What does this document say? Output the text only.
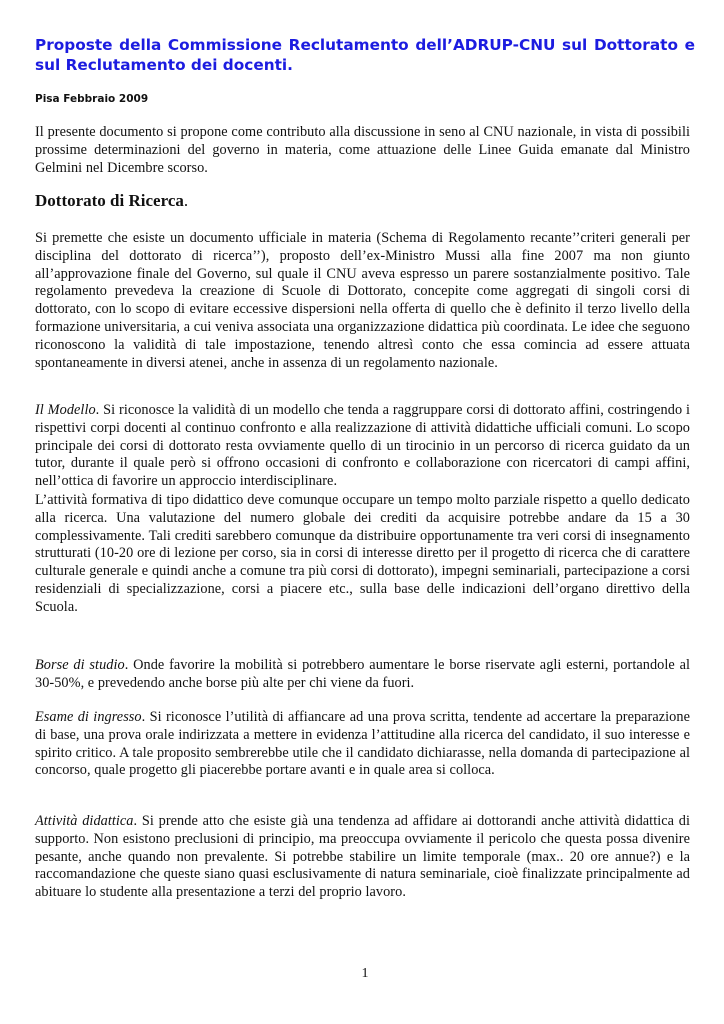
Proposte della Commissione Reclutamento dell’ADRUP-CNU sul Dottorato e sul Reclutamento dei docenti.

Pisa Febbraio 2009

Il presente documento si propone come contributo alla discussione in seno al CNU nazionale, in vista di possibili prossime determinazioni del governo in materia, come attuazione delle Linee Guida emanate dal Ministro Gelmini nel Dicembre scorso.

Dottorato di Ricerca.

Si premette che esiste un documento ufficiale in materia (Schema di Regolamento recante’’criteri generali per disciplina del dottorato di ricerca’’), proposto dell’ex-Ministro Mussi alla fine 2007 ma non giunto all’approvazione finale del Governo, sul quale il CNU aveva espresso un parere sostanzialmente positivo. Tale regolamento prevedeva la creazione di Scuole di Dottorato, concepite come aggregati di singoli corsi di dottorato, con lo scopo di evitare eccessive dispersioni nella offerta di quello che è definito il terzo livello della formazione universitaria, a cui veniva associata una organizzazione didattica più coordinata. Le idee che seguono riconoscono la validità di tale impostazione, tenendo altresì conto che essa comincia ad essere attuata spontaneamente in diversi atenei, anche in assenza di un regolamento nazionale.

Il Modello. Si riconosce la validità di un modello che tenda a raggruppare corsi di dottorato affini, costringendo i rispettivi corpi docenti al continuo confronto e alla realizzazione di attività didattiche ufficiali comuni. Lo scopo principale dei corsi di dottorato resta ovviamente quello di un tirocinio in un percorso di ricerca guidato da un tutor, durante il quale però si offrono occasioni di confronto e collaborazione con ricercatori di campi affini, nell’ottica di favorire un approccio interdisciplinare.

L’attività formativa di tipo didattico deve comunque occupare un tempo molto parziale rispetto a quello dedicato alla ricerca. Una valutazione del numero globale dei crediti da acquisire potrebbe andare da 15 a 30 complessivamente. Tali crediti sarebbero comunque da distribuire opportunamente tra veri corsi di insegnamento strutturati (10-20 ore di lezione per corso, sia in corsi di interesse diretto per il progetto di ricerca che di carattere culturale generale e quindi anche a comune tra più corsi di dottorato), impegni seminariali, partecipazione a corsi residenziali di specializzazione, corsi a piacere etc., sulla base delle indicazioni dell’organo direttivo della Scuola.

Borse di studio. Onde favorire la mobilità si potrebbero aumentare le borse riservate agli esterni, portandole al 30-50%, e prevedendo anche borse più alte per chi viene da fuori.

Esame di ingresso. Si riconosce l’utilità di affiancare ad una prova scritta, tendente ad accertare la preparazione di base, una prova orale indirizzata a mettere in evidenza l’attitudine alla ricerca del candidato, il suo interesse e spirito critico. A tale proposito sembrerebbe utile che il candidato dichiarasse, nella domanda di partecipazione al concorso, quale progetto gli piacerebbe portare avanti e in quale area si colloca.

Attività didattica. Si prende atto che esiste già una tendenza ad affidare ai dottorandi anche attività didattica di supporto. Non esistono preclusioni di principio, ma preoccupa ovviamente il pericolo che questa possa divenire pesante, anche quando non prevalente. Si potrebbe stabilire un limite temporale (max.. 20 ore annue?) e la raccomandazione che queste siano quasi esclusivamente di natura seminariale, cioè finalizzate principalmente ad abituare lo studente alla presentazione a terzi del proprio lavoro.

1
